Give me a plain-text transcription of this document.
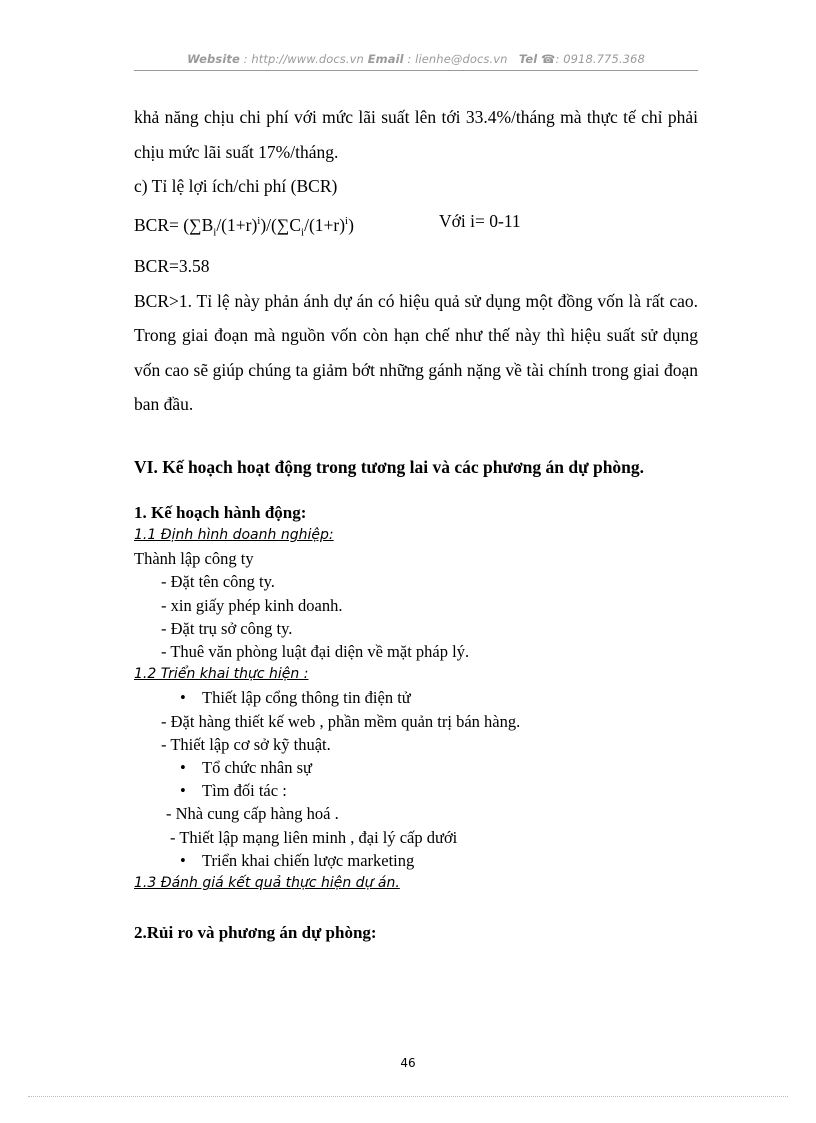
Website : http://www.docs.vn Email : lienhe@docs.vn   Tel ☎: 0918.775.368

khả năng chịu chi phí với mức lãi suất lên tới 33.4%/tháng mà thực tế chỉ phải chịu mức lãi suất 17%/tháng.

c) Tỉ lệ lợi ích/chi phí (BCR)

$BCR= (\sum B_i/(1+r)^i)/(\sum C_i/(1+r)^i)$	Với i= 0-11

BCR=3.58

BCR>1. Tỉ lệ này phản ánh dự án có hiệu quả sử dụng một đồng vốn là rất cao. Trong giai đoạn mà nguồn vốn còn hạn chế như thế này thì hiệu suất sử dụng vốn cao sẽ giúp chúng ta giảm bớt những gánh nặng về tài chính trong giai đoạn ban đầu.

VI. Kế hoạch hoạt động trong tương lai và các phương án dự phòng.
1. Kế hoạch hành động:
1.1 Định hình doanh nghiệp:
Thành lập công ty
- Đặt tên công ty.
- xin giấy phép kinh doanh.
- Đặt trụ sở công ty.
- Thuê văn phòng luật đại diện về mặt pháp lý.
1.2 Triển khai thực hiện :
• Thiết lập cổng thông tin điện tử
- Đặt hàng thiết kế web , phần mềm quản trị bán hàng.
- Thiết lập cơ sở kỹ thuật.
• Tổ chức nhân sự
• Tìm đối tác :
- Nhà cung cấp hàng hoá .
- Thiết lập mạng liên minh , đại lý cấp dưới
• Triển khai chiến lược marketing
1.3 Đánh giá kết quả thực hiện dự án.
2.Rủi ro và phương án dự phòng:
46
